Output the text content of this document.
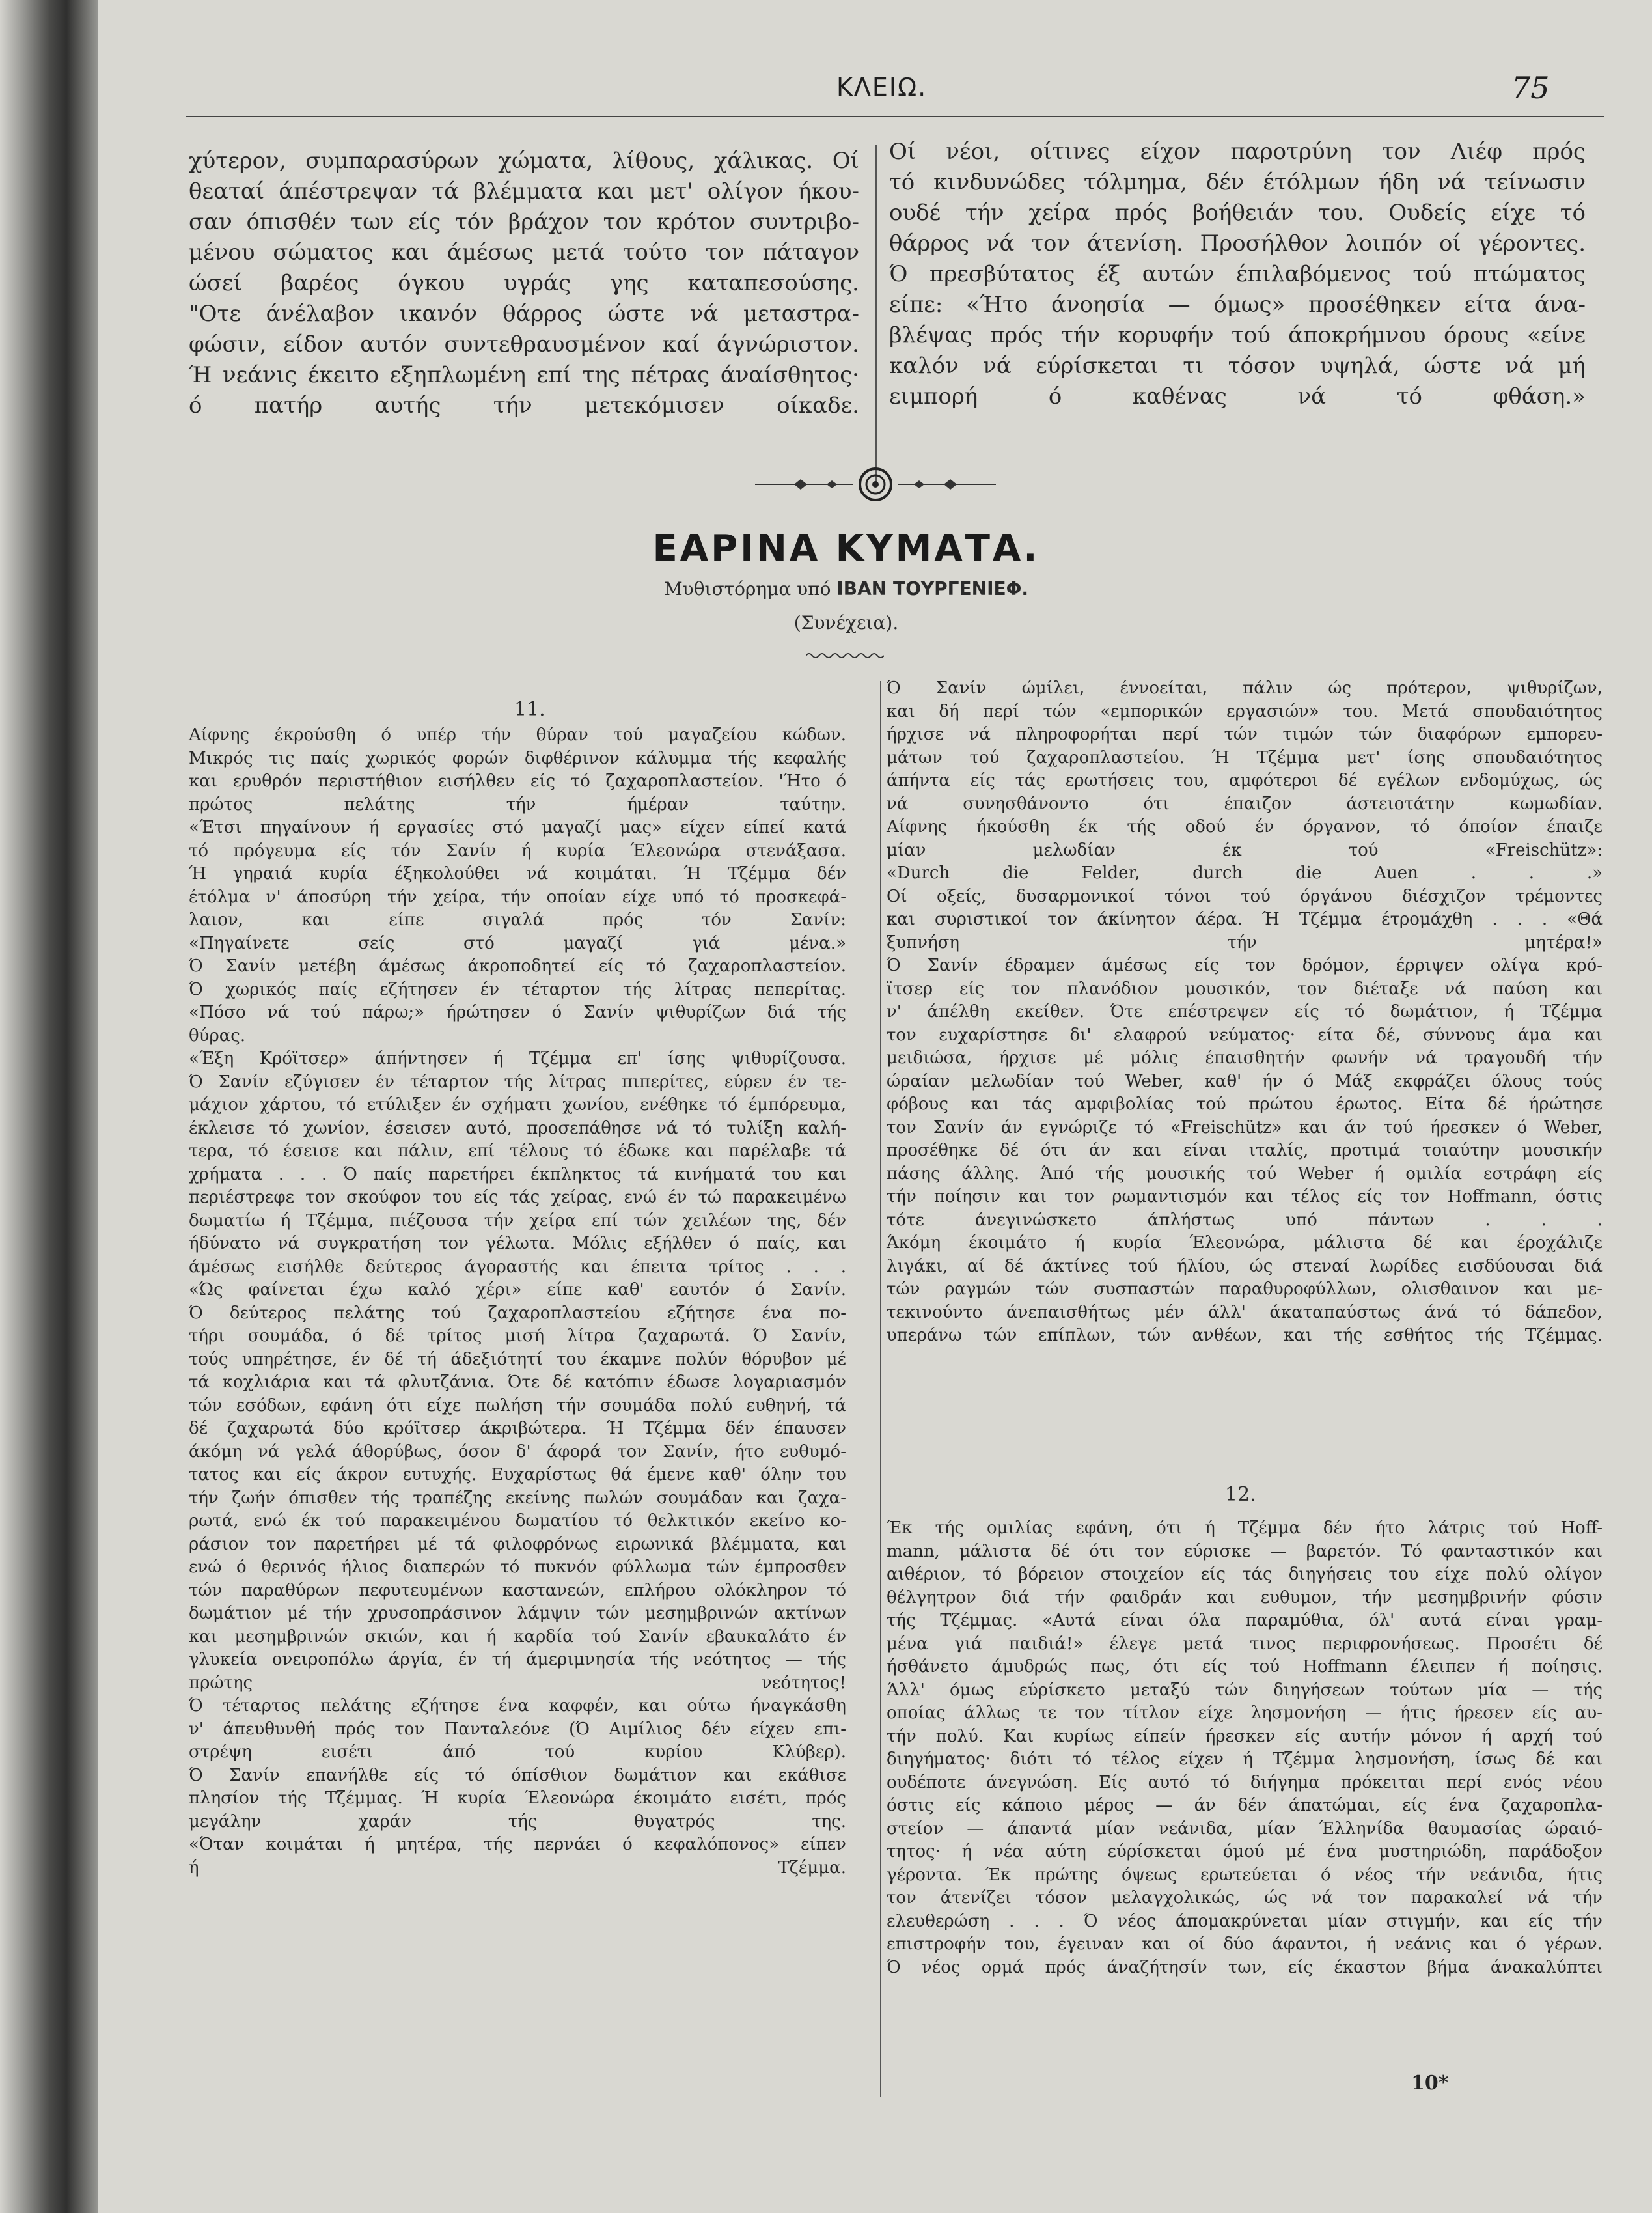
ΚΛΕΙΩ.	75

χύτερον, συμπαρασύρων χώματα, λίθους, χάλικας. Οί

θεαταί άπέστρεψαν τά βλέμματα και μετ' ολίγον ήκου-

σαν όπισθέν των είς τόν βράχον τον κρότον συντριβο-

μένου σώματος και άμέσως μετά τούτο τον πάταγον

ώσεί βαρέος όγκου υγράς γης καταπεσούσης.

"Οτε άνέλαβον ικανόν θάρρος ώστε νά μεταστρα-

φώσιν, είδον αυτόν συντεθραυσμένον καί άγνώριστον.

Ή νεάνις έκειτο εξηπλωμένη επί της πέτρας άναίσθητος·

ό πατήρ αυτής τήν μετεκόμισεν οίκαδε.

Οί νέοι, οίτινες είχον παροτρύνη τον Λιέφ πρός

τό κινδυνώδες τόλμημα, δέν έτόλμων ήδη νά τείνωσιν

ουδέ τήν χείρα πρός βοήθειάν του. Ουδείς είχε τό

θάρρος νά τον άτενίση. Προσήλθον λοιπόν οί γέροντες.

Ό πρεσβύτατος έξ αυτών έπιλαβόμενος τού πτώματος

είπε: «Ήτο άνοησία — όμως» προσέθηκεν είτα άνα-

βλέψας πρός τήν κορυφήν τού άποκρήμνου όρους «είνε

καλόν νά εύρίσκεται τι τόσον υψηλά, ώστε νά μή

ειμπορή ό καθένας νά τό φθάση.»

ΕΑΡΙΝΑ ΚΥΜΑΤΑ.
Μυθιστόρημα υπό ΙΒΑΝ ΤΟΥΡΓΕΝΙΕΦ.
(Συνέχεια).
11.

Αίφνης έκρούσθη ό υπέρ τήν θύραν τού μαγαζείου κώδων.

Μικρός τις παίς χωρικός φορών διφθέρινον κάλυμμα τής κεφαλής

και ερυθρόν περιστήθιον εισήλθεν είς τό ζαχαροπλαστείον. 'Ήτο ό

πρώτος πελάτης τήν ήμέραν ταύτην.

«Έτσι πηγαίνουν ή εργασίες στό μαγαζί μας» είχεν είπεί κατά

τό πρόγευμα είς τόν Σανίν ή κυρία Έλεονώρα στενάξασα.

Ή γηραιά κυρία έξηκολούθει νά κοιμάται. Ή Τζέμμα δέν

έτόλμα ν' άποσύρη τήν χείρα, τήν οποίαν είχε υπό τό προσκεφά-

λαιον, και είπε σιγαλά πρός τόν Σανίν:

«Πηγαίνετε σείς στό μαγαζί γιά μένα.»

Ό Σανίν μετέβη άμέσως άκροποδητεί είς τό ζαχαροπλαστείον.

Ό χωρικός παίς εζήτησεν έν τέταρτον τής λίτρας πεπερίτας.

«Πόσο νά τού πάρω;» ήρώτησεν ό Σανίν ψιθυρίζων διά τής

θύρας.

«Έξη Κρόϊτσερ» άπήντησεν ή Τζέμμα επ' ίσης ψιθυρίζουσα.

Ό Σανίν εζύγισεν έν τέταρτον τής λίτρας πιπερίτες, εύρεν έν τε-

μάχιον χάρτου, τό ετύλιξεν έν σχήματι χωνίου, ενέθηκε τό έμπόρευμα,

έκλεισε τό χωνίον, έσεισεν αυτό, προσεπάθησε νά τό τυλίξη καλή-

τερα, τό έσεισε και πάλιν, επί τέλους τό έδωκε και παρέλαβε τά

χρήματα . . . Ό παίς παρετήρει έκπληκτος τά κινήματά του και

περιέστρεφε τον σκούφον του είς τάς χείρας, ενώ έν τώ παρακειμένω

δωματίω ή Τζέμμα, πιέζουσα τήν χείρα επί τών χειλέων της, δέν

ήδύνατο νά συγκρατήση τον γέλωτα. Μόλις εξήλθεν ό παίς, και

άμέσως εισήλθε δεύτερος άγοραστής και έπειτα τρίτος . . .

«Ώς φαίνεται έχω καλό χέρι» είπε καθ' εαυτόν ό Σανίν.

Ό δεύτερος πελάτης τού ζαχαροπλαστείου εζήτησε ένα πο-

τήρι σουμάδα, ό δέ τρίτος μισή λίτρα ζαχαρωτά. Ό Σανίν,

τούς υπηρέτησε, έν δέ τή άδεξιότητί του έκαμνε πολύν θόρυβον μέ

τά κοχλιάρια και τά φλυτζάνια. Ότε δέ κατόπιν έδωσε λογαριασμόν

τών εσόδων, εφάνη ότι είχε πωλήση τήν σουμάδα πολύ ευθηνή, τά

δέ ζαχαρωτά δύο κρόϊτσερ άκριβώτερα. Ή Τζέμμα δέν έπαυσεν

άκόμη νά γελά άθορύβως, όσον δ' άφορά τον Σανίν, ήτο ευθυμό-

τατος και είς άκρον ευτυχής. Ευχαρίστως θά έμενε καθ' όλην του

τήν ζωήν όπισθεν τής τραπέζης εκείνης πωλών σουμάδαν και ζαχα-

ρωτά, ενώ έκ τού παρακειμένου δωματίου τό θελκτικόν εκείνο κο-

ράσιον τον παρετήρει μέ τά φιλοφρόνως ειρωνικά βλέμματα, και

ενώ ό θερινός ήλιος διαπερών τό πυκνόν φύλλωμα τών έμπροσθεν

τών παραθύρων πεφυτευμένων καστανεών, επλήρου ολόκληρον τό

δωμάτιον μέ τήν χρυσοπράσινον λάμψιν τών μεσημβρινών ακτίνων

και μεσημβρινών σκιών, και ή καρδία τού Σανίν εβαυκαλάτο έν

γλυκεία ονειροπόλω άργία, έν τή άμεριμνησία τής νεότητος — τής

πρώτης νεότητος!

Ό τέταρτος πελάτης εζήτησε ένα καφφέν, και ούτω ήναγκάσθη

ν' άπευθυνθή πρός τον Πανταλεόνε (Ό Αιμίλιος δέν είχεν επι-

στρέψη εισέτι άπό τού κυρίου Κλύβερ).

Ό Σανίν επανήλθε είς τό όπίσθιον δωμάτιον και εκάθισε

πλησίον τής Τζέμμας. Ή κυρία Έλεονώρα έκοιμάτο εισέτι, πρός

μεγάλην χαράν τής θυγατρός της.

«Όταν κοιμάται ή μητέρα, τής περνάει ό κεφαλόπονος» είπεν

ή Τζέμμα.

Ό Σανίν ώμίλει, έννοείται, πάλιν ώς πρότερον, ψιθυρίζων,

και δή περί τών «εμπορικών εργασιών» του. Μετά σπουδαιότητος

ήρχισε νά πληροφορήται περί τών τιμών τών διαφόρων εμπορευ-

μάτων τού ζαχαροπλαστείου. Ή Τζέμμα μετ' ίσης σπουδαιότητος

άπήντα είς τάς ερωτήσεις του, αμφότεροι δέ εγέλων ενδομύχως, ώς

νά συνησθάνοντο ότι έπαιζον άστειοτάτην κωμωδίαν.

Αίφνης ήκούσθη έκ τής οδού έν όργανον, τό όποίον έπαιζε

μίαν μελωδίαν έκ τού «Freischütz»:

«Durch die Felder, durch die Auen . . .»

Οί οξείς, δυσαρμονικοί τόνοι τού όργάνου διέσχιζον τρέμοντες

και συριστικοί τον άκίνητον άέρα. Ή Τζέμμα έτρομάχθη . . . «Θά

ξυπνήση τήν μητέρα!»

Ό Σανίν έδραμεν άμέσως είς τον δρόμον, έρριψεν ολίγα κρό-

ϊτσερ είς τον πλανόδιον μουσικόν, τον διέταξε νά παύση και

ν' άπέλθη εκείθεν. Ότε επέστρεψεν είς τό δωμάτιον, ή Τζέμμα

τον ευχαρίστησε δι' ελαφρού νεύματος· είτα δέ, σύννους άμα και

μειδιώσα, ήρχισε μέ μόλις έπαισθητήν φωνήν νά τραγουδή τήν

ώραίαν μελωδίαν τού Weber, καθ' ήν ό Μάξ εκφράζει όλους τούς

φόβους και τάς αμφιβολίας τού πρώτου έρωτος. Είτα δέ ήρώτησε

τον Σανίν άν εγνώριζε τό «Freischütz» και άν τού ήρεσκεν ό Weber,

προσέθηκε δέ ότι άν και είναι ιταλίς, προτιμά τοιαύτην μουσικήν

πάσης άλλης. Άπό τής μουσικής τού Weber ή ομιλία εστράφη είς

τήν ποίησιν και τον ρωμαντισμόν και τέλος είς τον Hoffmann, όστις

τότε άνεγινώσκετο άπλήστως υπό πάντων . . .

Άκόμη έκοιμάτο ή κυρία Έλεονώρα, μάλιστα δέ και έροχάλιζε

λιγάκι, αί δέ άκτίνες τού ήλίου, ώς στεναί λωρίδες εισδύουσαι διά

τών ραγμών τών συσπαστών παραθυροφύλλων, ολισθαινον και με-

τεκινούντο άνεπαισθήτως μέν άλλ' άκαταπαύστως άνά τό δάπεδον,

υπεράνω τών επίπλων, τών ανθέων, και τής εσθήτος τής Τζέμμας.

12.

Έκ τής ομιλίας εφάνη, ότι ή Τζέμμα δέν ήτο λάτρις τού Hoff-

mann, μάλιστα δέ ότι τον εύρισκε — βαρετόν. Τό φανταστικόν και

αιθέριον, τό βόρειον στοιχείον είς τάς διηγήσεις του είχε πολύ ολίγον

θέλγητρον διά τήν φαιδράν και ευθυμον, τήν μεσημβρινήν φύσιν

τής Τζέμμας. «Αυτά είναι όλα παραμύθια, όλ' αυτά είναι γραμ-

μένα γιά παιδιά!» έλεγε μετά τινος περιφρονήσεως. Προσέτι δέ

ήσθάνετο άμυδρώς πως, ότι είς τού Hoffmann έλειπεν ή ποίησις.

Άλλ' όμως εύρίσκετο μεταξύ τών διηγήσεων τούτων μία — τής

οποίας άλλως τε τον τίτλον είχε λησμονήση — ήτις ήρεσεν είς αυ-

τήν πολύ. Και κυρίως είπείν ήρεσκεν είς αυτήν μόνον ή αρχή τού

διηγήματος· διότι τό τέλος είχεν ή Τζέμμα λησμονήση, ίσως δέ και

ουδέποτε άνεγνώση. Είς αυτό τό διήγημα πρόκειται περί ενός νέου

όστις είς κάποιο μέρος — άν δέν άπατώμαι, είς ένα ζαχαροπλα-

στείον — άπαντά μίαν νεάνιδα, μίαν Έλληνίδα θαυμασίας ώραιό-

τητος· ή νέα αύτη εύρίσκεται όμού μέ ένα μυστηριώδη, παράδοξον

γέροντα. Έκ πρώτης όψεως ερωτεύεται ό νέος τήν νεάνιδα, ήτις

τον άτενίζει τόσον μελαγχολικώς, ώς νά τον παρακαλεί νά τήν

ελευθερώση . . . Ό νέος άπομακρύνεται μίαν στιγμήν, και είς τήν

επιστροφήν του, έγειναν και οί δύο άφαντοι, ή νεάνις και ό γέρων.

Ό νέος ορμά πρός άναζήτησίν των, είς έκαστον βήμα άνακαλύπτει

10*
